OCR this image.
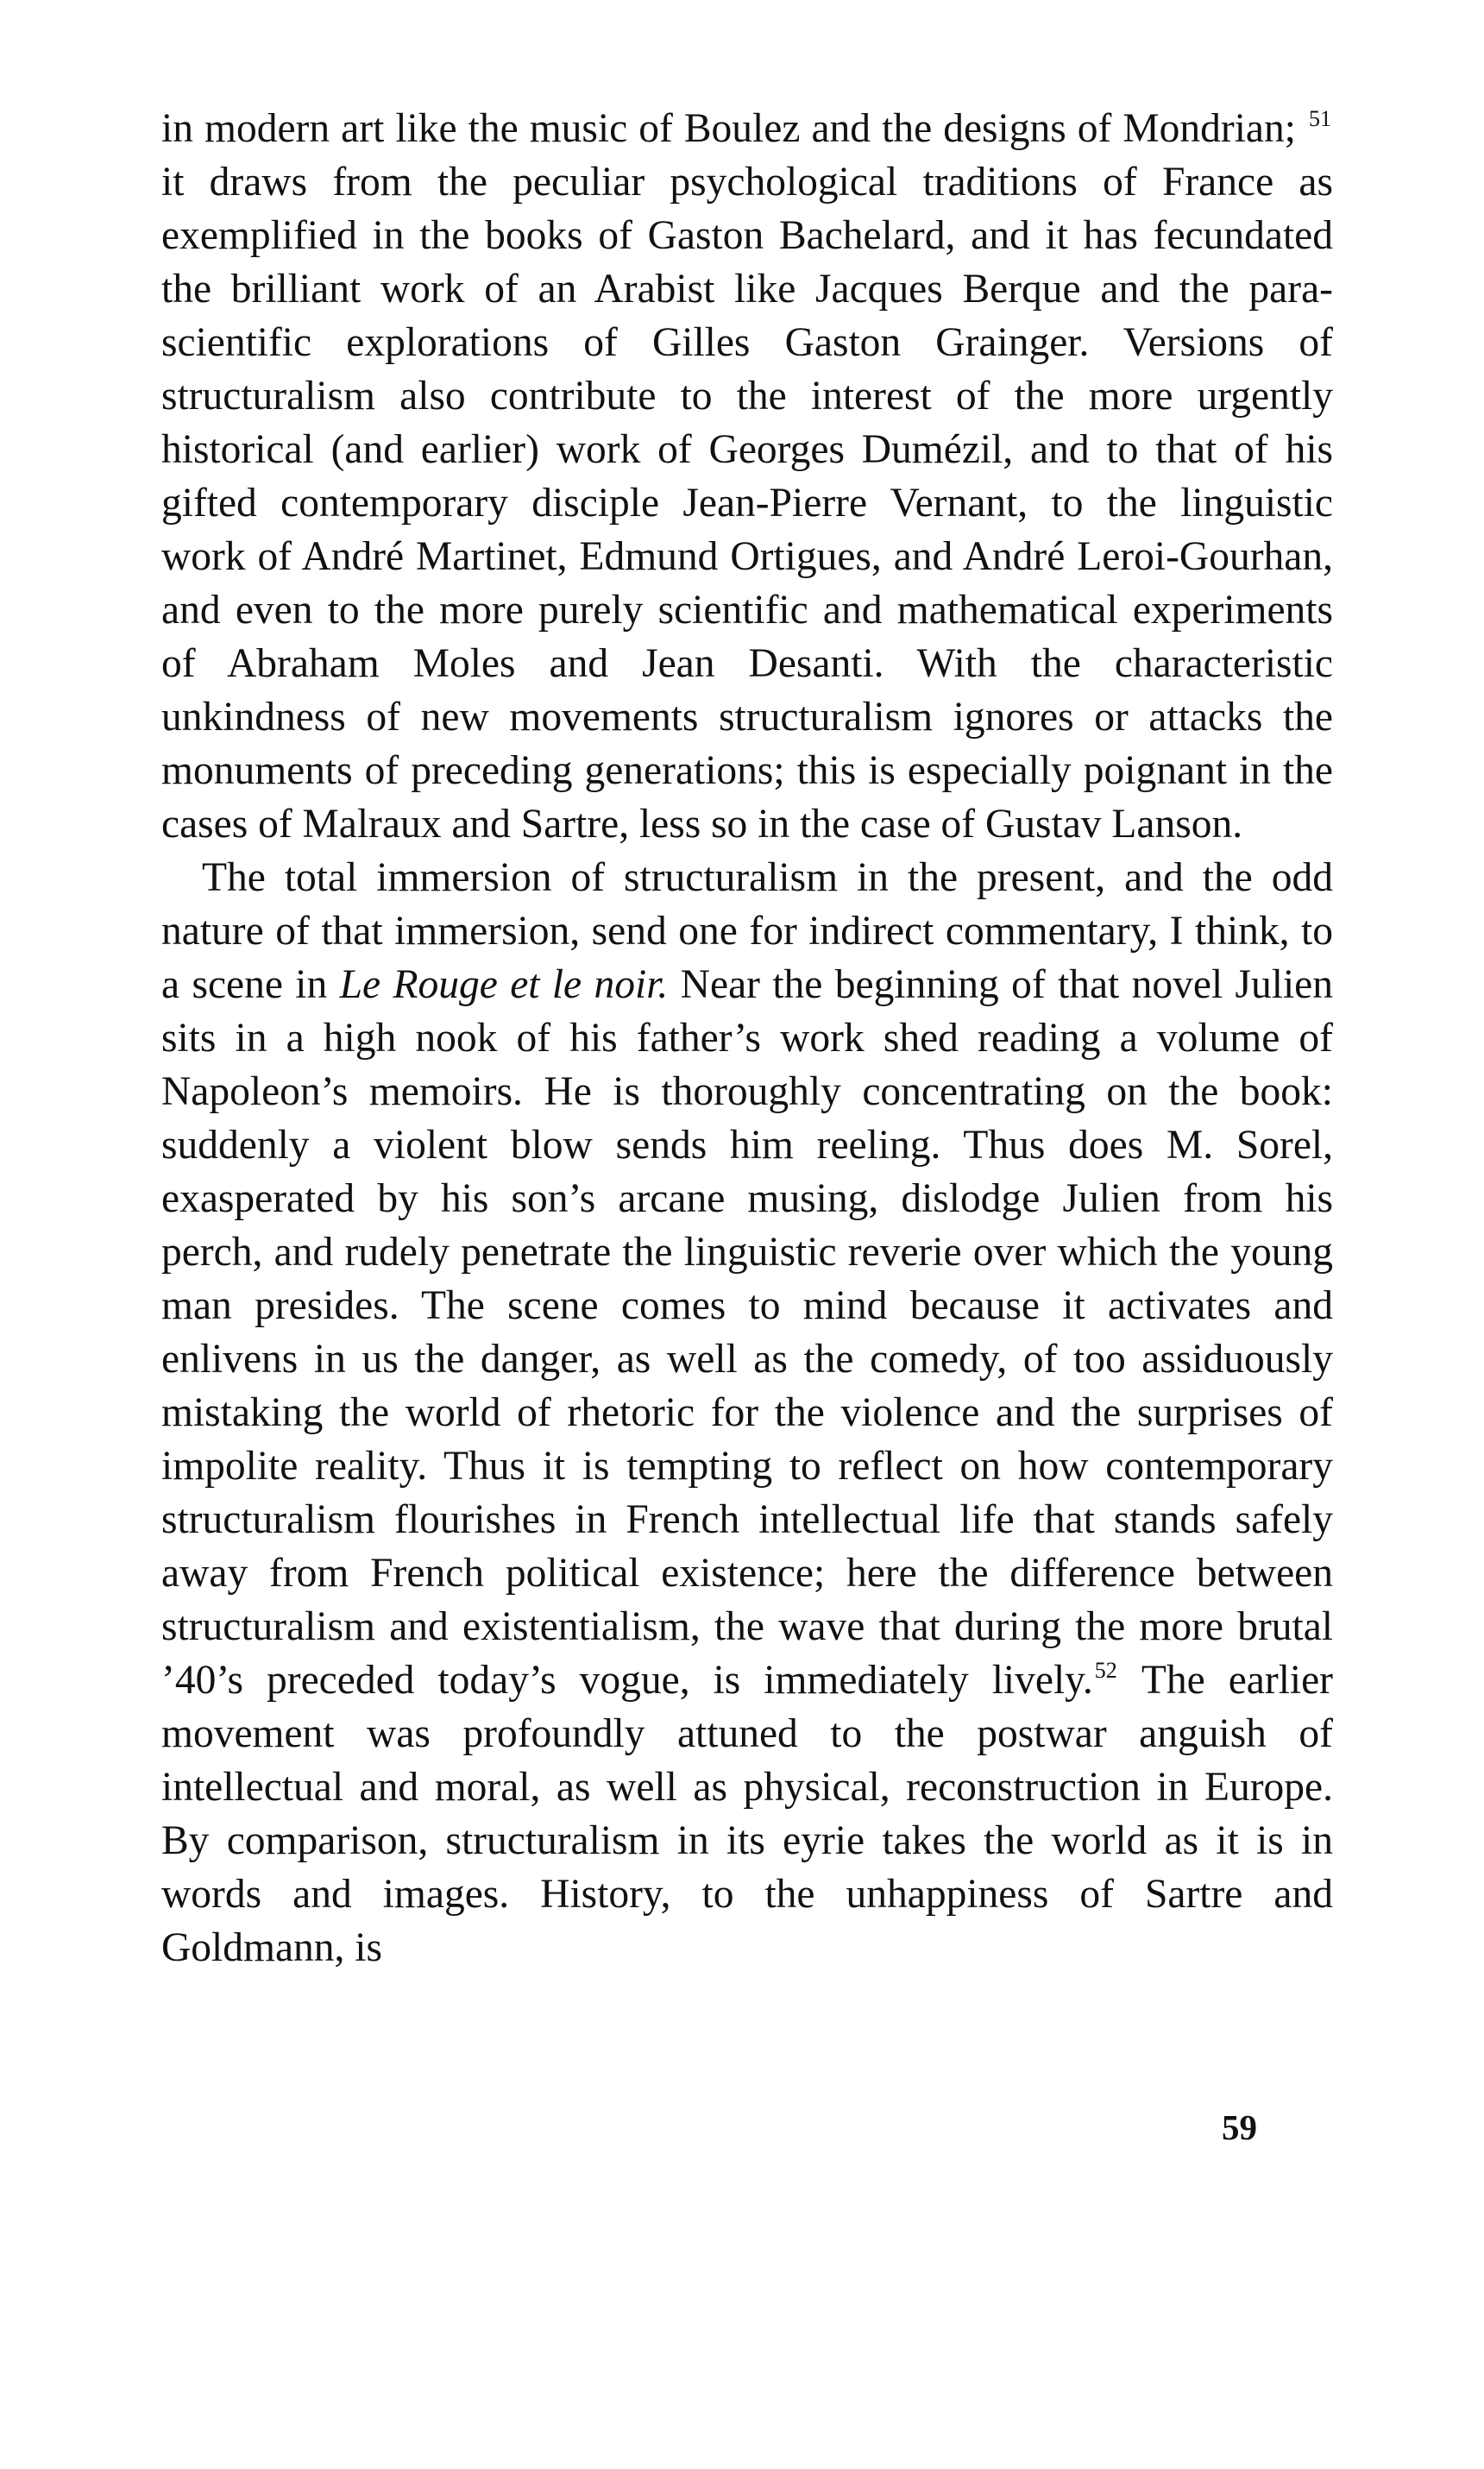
in modern art like the music of Boulez and the designs of Mondrian; $^{51}$ it draws from the peculiar psychological traditions of France as exemplified in the books of Gaston Bachelard, and it has fecundated the brilliant work of an Arabist like Jacques Berque and the para-scientific explorations of Gilles Gaston Grainger. Versions of structuralism also contribute to the interest of the more urgently historical (and earlier) work of Georges Dumézil, and to that of his gifted contemporary disciple Jean-Pierre Vernant, to the linguistic work of André Martinet, Edmund Ortigues, and André Leroi-Gourhan, and even to the more purely scientific and mathematical experiments of Abraham Moles and Jean Desanti. With the characteristic unkindness of new movements structuralism ignores or attacks the monuments of preceding generations; this is especially poignant in the cases of Malraux and Sartre, less so in the case of Gustav Lanson.

The total immersion of structuralism in the present, and the odd nature of that immersion, send one for indirect commentary, I think, to a scene in Le Rouge et le noir. Near the beginning of that novel Julien sits in a high nook of his father’s work shed reading a volume of Napoleon’s memoirs. He is thoroughly concentrating on the book: suddenly a violent blow sends him reeling. Thus does M. Sorel, exasperated by his son’s arcane musing, dislodge Julien from his perch, and rudely penetrate the linguistic reverie over which the young man presides. The scene comes to mind because it activates and enlivens in us the danger, as well as the comedy, of too assiduously mistaking the world of rhetoric for the violence and the surprises of impolite reality. Thus it is tempting to reflect on how contemporary structuralism flourishes in French intellectual life that stands safely away from French political existence; here the difference between structuralism and existentialism, the wave that during the more brutal ’40’s preceded today’s vogue, is immediately lively.$^{52}$ The earlier movement was profoundly attuned to the postwar anguish of intellectual and moral, as well as physical, reconstruction in Europe. By comparison, structuralism in its eyrie takes the world as it is in words and images. History, to the unhappiness of Sartre and Goldmann, is

59
